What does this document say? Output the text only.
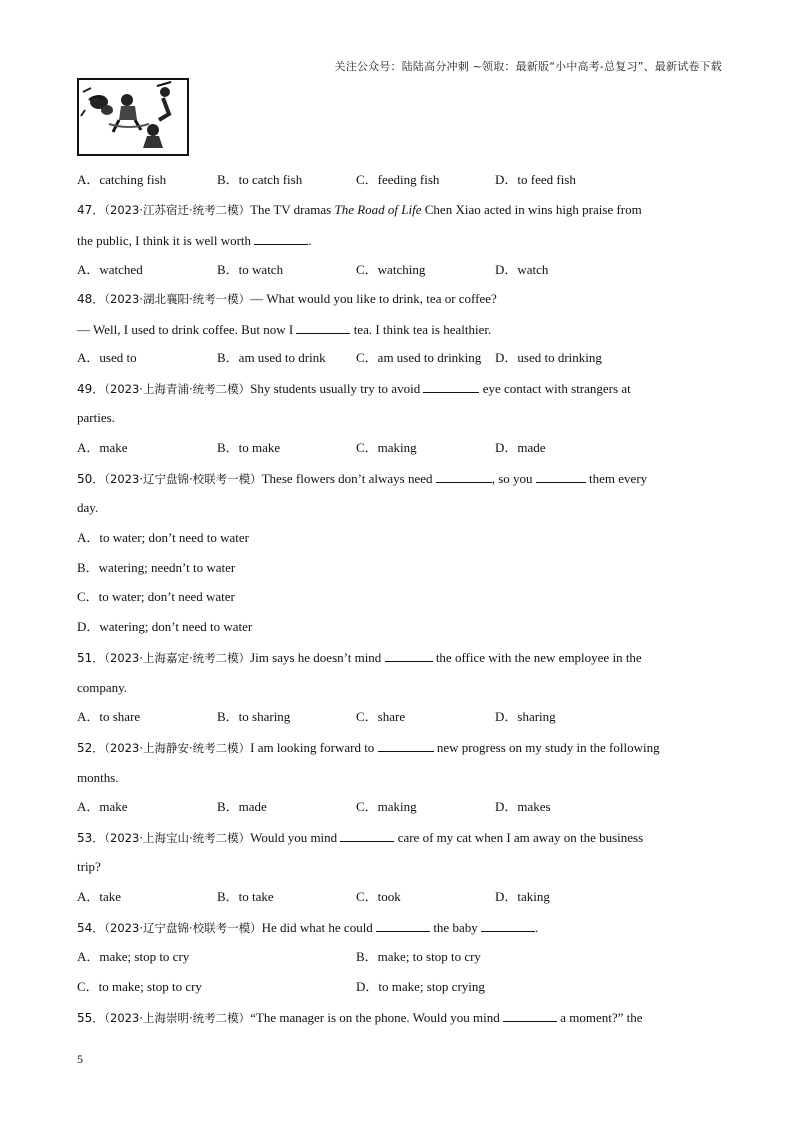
关注公众号：陆陆高分冲刺 ~领取：最新版“小中高考-总复习”、最新试卷下载
A．catching fish	B．to catch fish	C．feeding fish	D．to feed fish
47．（2023·江苏宿迁·统考二模）The TV dramas The Road of Life Chen Xiao acted in wins high praise from
the public, I think it is well worth	.
A．watched	B．to watch	C．watching	D．watch
48．（2023·湖北襄阳·统考一模）— What would you like to drink, tea or coffee?
— Well, I used to drink coffee. But now I	tea. I think tea is healthier.
A．used to	B．am used to drink C．am used to drinking D．used to drinking
49．（2023·上海青浦·统考二模）Shy students usually try to avoid	eye contact with strangers at
parties.
A．make	B．to make	C．making	D．made
50．（2023·辽宁盘锦·校联考一模）These flowers don’t always need	, so you	them every
day.
A．to water; don’t need to water
B．watering; needn’t to water
C．to water; don’t need water
D．watering; don’t need to water
51．（2023·上海嘉定·统考二模）Jim says he doesn’t mind	the office with the new employee in the
company.
A．to share	B．to sharing	C．share	D．sharing
52．（2023·上海静安·统考二模）I am looking forward to	new progress on my study in the following
months.
A．make	B．made	C．making	D．makes
53．（2023·上海宝山·统考二模）Would you mind	care of my cat when I am away on the business
trip?
A．take	B．to take	C．took	D．taking
54．（2023·辽宁盘锦·校联考一模）He did what he could	the baby	.
A．make; stop to cry	B．make; to stop to cry
C．to make; stop to cry	D．to make; stop crying
55．（2023·上海崇明·统考二模）“The manager is on the phone. Would you mind	a moment?” the
5
